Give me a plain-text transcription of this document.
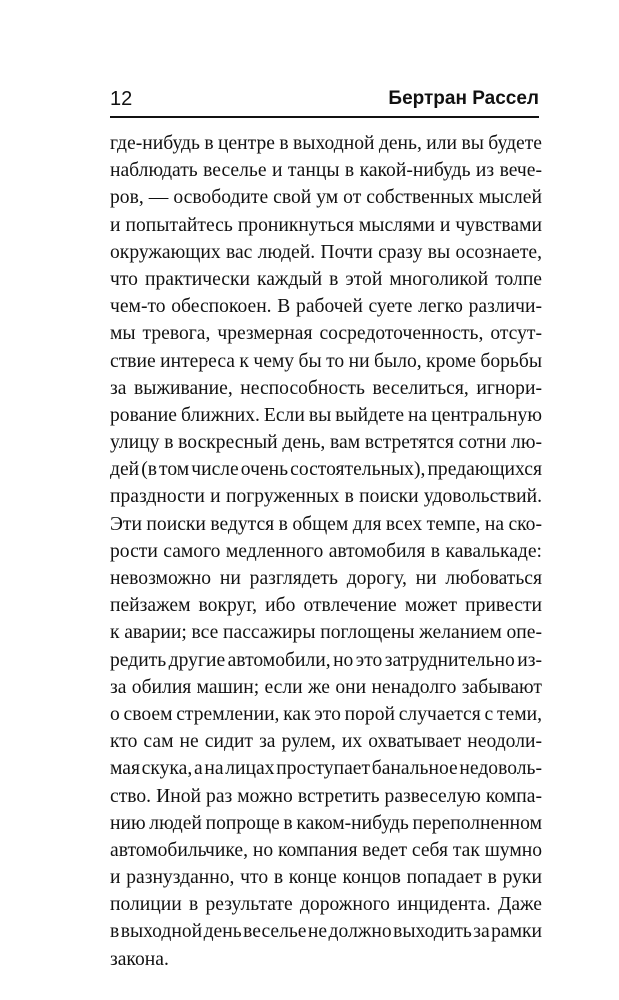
12	Бертран Рассел
где-нибудь в центре в выходной день, или вы будете
наблюдать веселье и танцы в какой-нибудь из вече-
ров, — освободите свой ум от собственных мыслей
и попытайтесь проникнуться мыслями и чувствами
окружающих вас людей. Почти сразу вы осознаете,
что практически каждый в этой многоликой толпе
чем-то обеспокоен. В рабочей суете легко различи-
мы тревога, чрезмерная сосредоточенность, отсут-
ствие интереса к чему бы то ни было, кроме борьбы
за выживание, неспособность веселиться, игнори-
рование ближних. Если вы выйдете на центральную
улицу в воскресный день, вам встретятся сотни лю-
дей (в том числе очень состоятельных), предающихся
праздности и погруженных в поиски удовольствий.
Эти поиски ведутся в общем для всех темпе, на ско-
рости самого медленного автомобиля в кавалькаде:
невозможно ни разглядеть дорогу, ни любоваться
пейзажем вокруг, ибо отвлечение может привести
к аварии; все пассажиры поглощены желанием опе-
редить другие автомобили, но это затруднительно из-
за обилия машин; если же они ненадолго забывают
о своем стремлении, как это порой случается с теми,
кто сам не сидит за рулем, их охватывает неодоли-
мая скука, а на лицах проступает банальное недоволь-
ство. Иной раз можно встретить развеселую компа-
нию людей попроще в каком-нибудь переполненном
автомобильчике, но компания ведет себя так шумно
и разнузданно, что в конце концов попадает в руки
полиции в результате дорожного инцидента. Даже
в выходной день веселье не должно выходить за рамки
закона.
